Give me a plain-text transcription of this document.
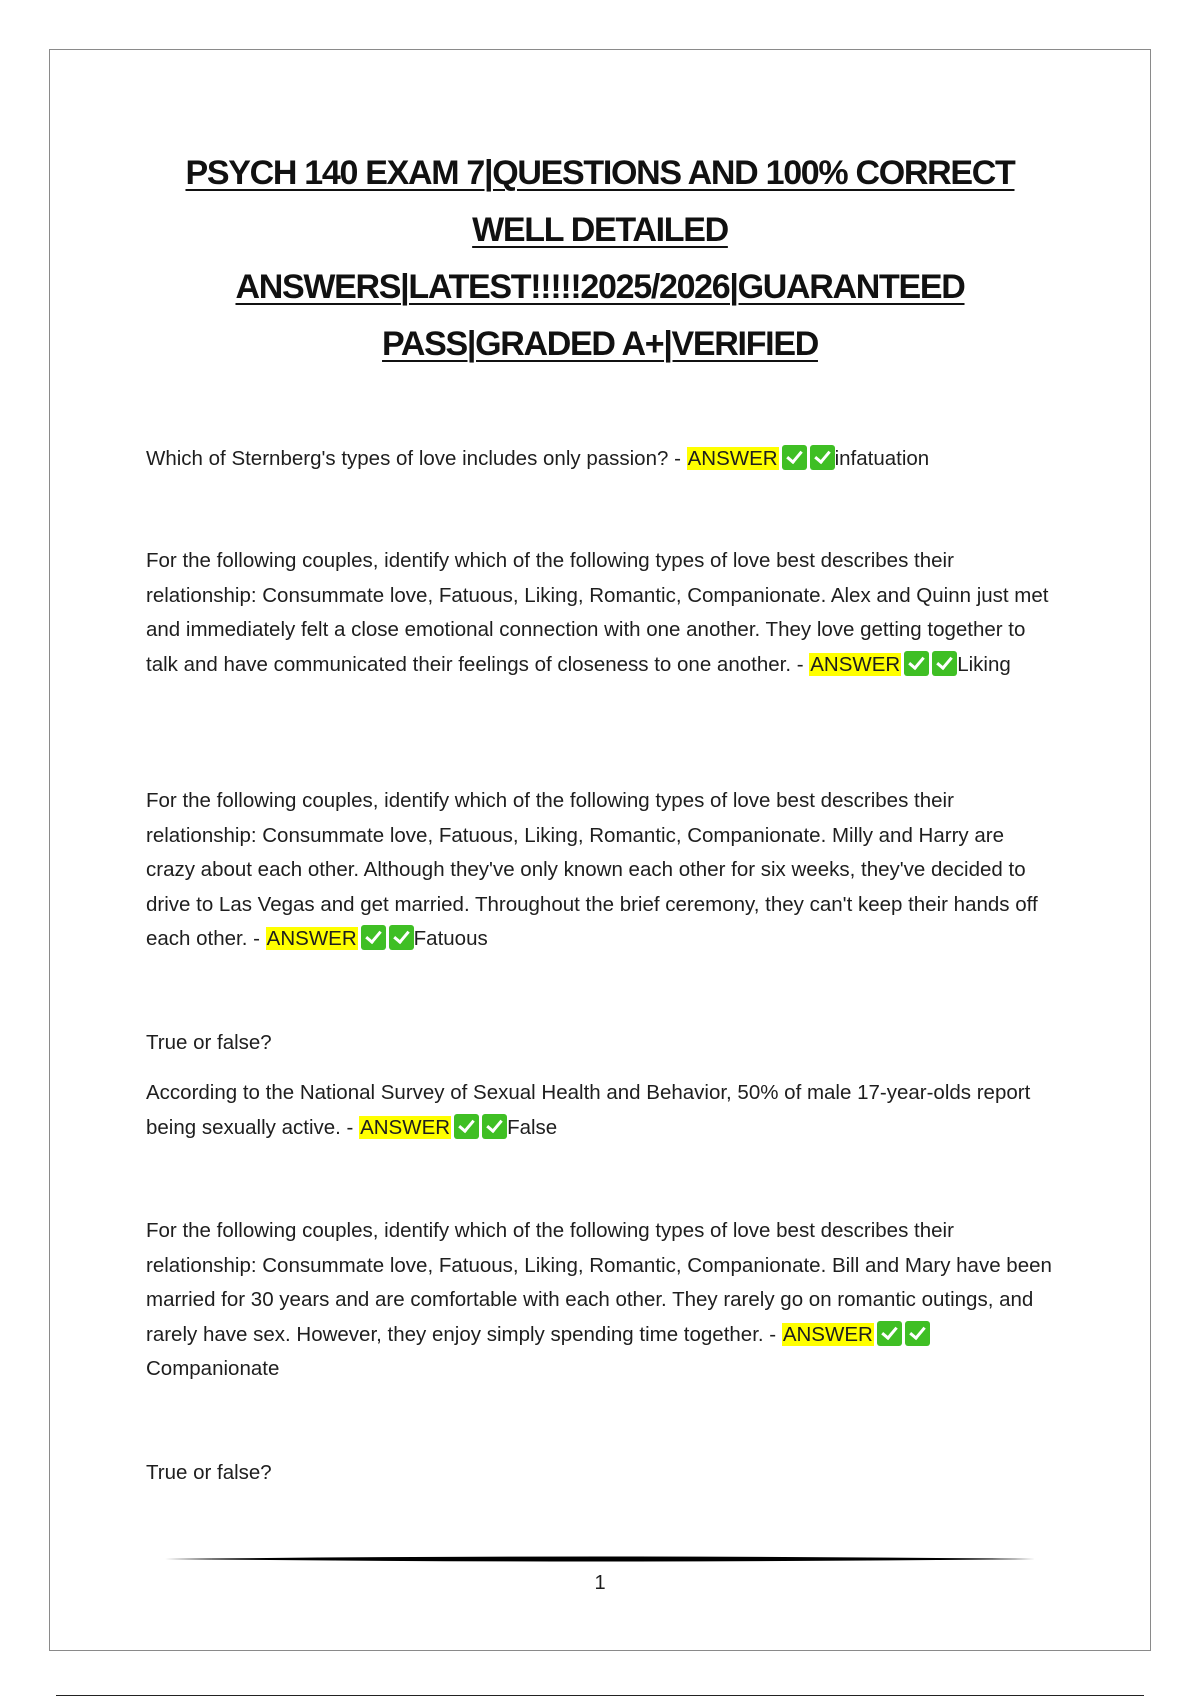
PSYCH 140 EXAM 7|QUESTIONS AND 100% CORRECT
WELL DETAILED
ANSWERS|LATEST!!!!!2025/2026|GUARANTEED
PASS|GRADED A+|VERIFIED

Which of Sternberg's types of love includes only passion? - ANSWER	infatuation

For the following couples, identify which of the following types of love best describes their relationship: Consummate love, Fatuous, Liking, Romantic, Companionate. Alex and Quinn just met and immediately felt a close emotional connection with one another. They love getting together to talk and have communicated their feelings of closeness to one another. - ANSWER	Liking

For the following couples, identify which of the following types of love best describes their relationship: Consummate love, Fatuous, Liking, Romantic, Companionate. Milly and Harry are crazy about each other. Although they've only known each other for six weeks, they've decided to drive to Las Vegas and get married. Throughout the brief ceremony, they can't keep their hands off each other. - ANSWER	Fatuous

True or false?

According to the National Survey of Sexual Health and Behavior, 50% of male 17-year-olds report being sexually active. - ANSWER	False

For the following couples, identify which of the following types of love best describes their relationship: Consummate love, Fatuous, Liking, Romantic, Companionate. Bill and Mary have been married for 30 years and are comfortable with each other. They rarely go on romantic outings, and rarely have sex. However, they enjoy simply spending time together. - ANSWERCompanionate

True or false?

1
